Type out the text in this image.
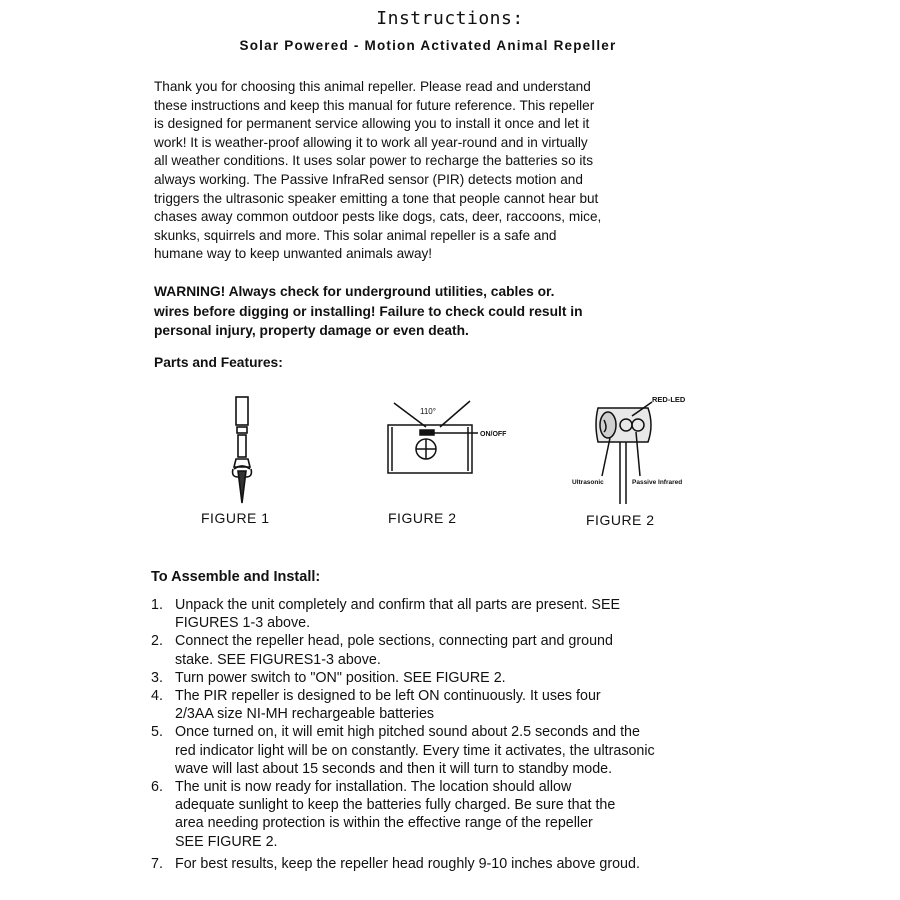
Instructions:
Solar Powered - Motion Activated Animal Repeller
Thank you for choosing this animal repeller. Please read and understand
these instructions and keep this manual for future reference. This repeller
is designed for permanent service allowing you to install it once and let it
work! It is weather-proof allowing it to work all year-round and in virtually
all weather conditions. It uses solar power to recharge the batteries so its
always working. The Passive InfraRed sensor (PIR) detects motion and
triggers the ultrasonic speaker emitting a tone that people cannot hear but
chases away common outdoor pests like dogs, cats, deer, raccoons, mice,
skunks, squirrels and more. This solar animal repeller is a safe and
humane way to keep unwanted animals away!
WARNING! Always check for underground utilities, cables or.
wires before digging or installing! Failure to check could result in
personal injury, property damage or even death.
Parts and Features:
FIGURE 1
110°
ON/OFF
FIGURE 2
RED-LED
Ultrasonic	Passive Infrared
FIGURE 2
To Assemble and Install:
1. Unpack the unit completely and confirm that all parts are present. SEE
FIGURES 1-3 above.
2. Connect the repeller head, pole sections, connecting part and ground
stake. SEE FIGURES1-3 above.
3. Turn power switch to "ON" position. SEE FIGURE 2.
4. The PIR repeller is designed to be left ON continuously. It uses four
2/3AA size NI-MH rechargeable batteries
5. Once turned on, it will emit high pitched sound about 2.5 seconds and the
red indicator light will be on constantly. Every time it activates, the ultrasonic
wave will last about 15 seconds and then it will turn to standby mode.
6. The unit is now ready for installation. The location should allow
adequate sunlight to keep the batteries fully charged. Be sure that the
area needing protection is within the effective range of the repeller
SEE FIGURE 2.
7. For best results, keep the repeller head roughly 9-10 inches above groud.
